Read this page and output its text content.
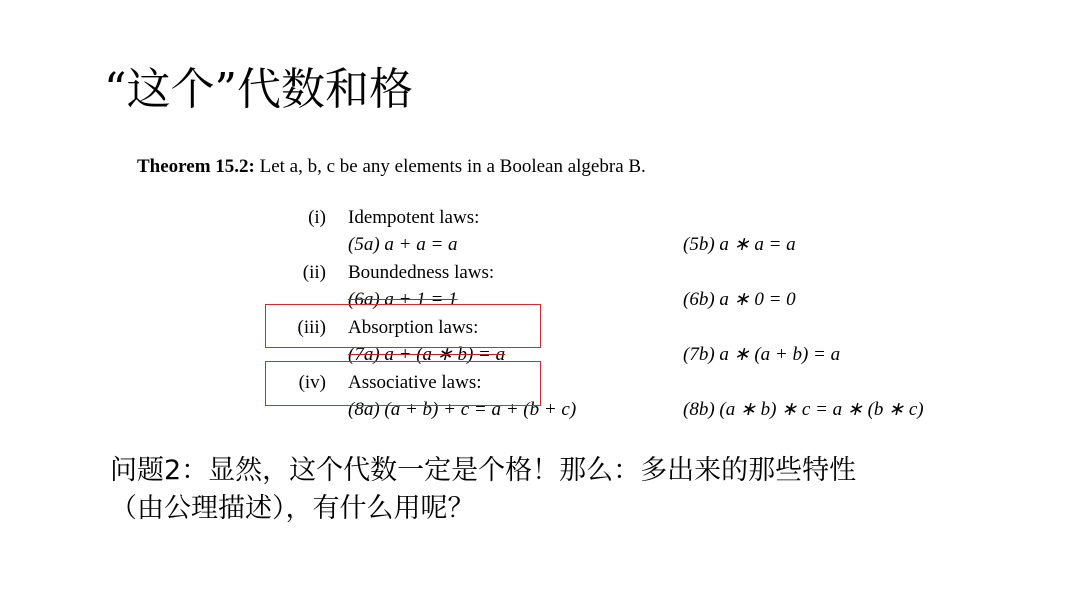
“这个”代数和格
Theorem 15.2: Let a, b, c be any elements in a Boolean algebra B.
(i) Idempotent laws:
(5a) a + a = a	(5b) a ∗ a = a
(ii) Boundedness laws:
(6a) a + 1 = 1	(6b) a ∗ 0 = 0
(iii) Absorption laws:
(7a) a + (a ∗ b) = a	(7b) a ∗ (a + b) = a
(iv) Associative laws:
(8a) (a + b) + c = a + (b + c)	(8b) (a ∗ b) ∗ c = a ∗ (b ∗ c)
问题2：显然，这个代数一定是个格！那么：多出来的那些特性
（由公理描述），有什么用呢？
